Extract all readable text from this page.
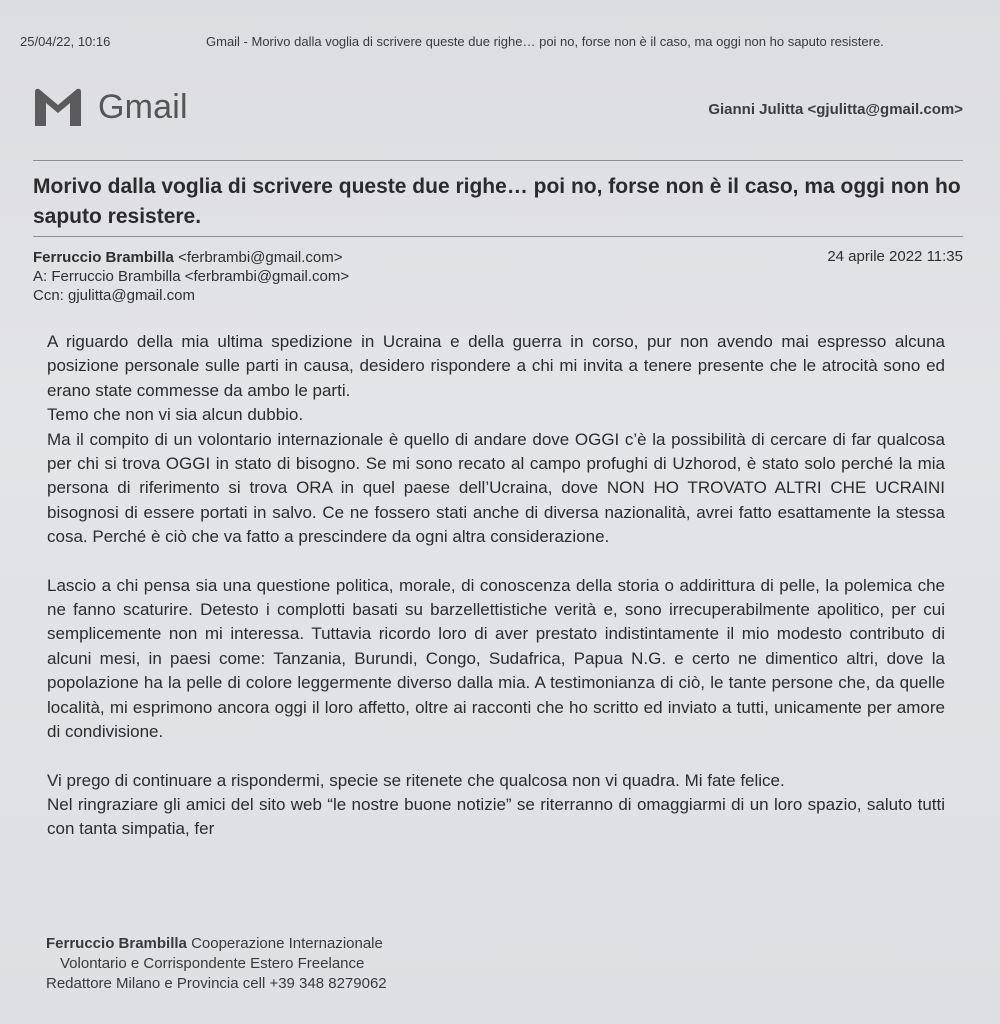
25/04/22, 10:16	Gmail - Morivo dalla voglia di scrivere queste due righe… poi no, forse non è il caso, ma oggi non ho saputo resistere.
Gmail	Gianni Julitta <gjulitta@gmail.com>
Morivo dalla voglia di scrivere queste due righe… poi no, forse non è il caso, ma oggi non ho saputo resistere.
Ferruccio Brambilla <ferbrambi@gmail.com>
A: Ferruccio Brambilla <ferbrambi@gmail.com>
Ccn: gjulitta@gmail.com
24 aprile 2022 11:35

A riguardo della mia ultima spedizione in Ucraina e della guerra in corso, pur non avendo mai espresso alcuna posizione personale sulle parti in causa, desidero rispondere a chi mi invita a tenere presente che le atrocità sono ed erano state commesse da ambo le parti.

Temo che non vi sia alcun dubbio.

Ma il compito di un volontario internazionale è quello di andare dove OGGI c’è la possibilità di cercare di far qualcosa per chi si trova OGGI in stato di bisogno. Se mi sono recato al campo profughi di Uzhorod, è stato solo perché la mia persona di riferimento si trova ORA in quel paese dell’Ucraina, dove NON HO TROVATO ALTRI CHE UCRAINI bisognosi di essere portati in salvo. Ce ne fossero stati anche di diversa nazionalità, avrei fatto esattamente la stessa cosa. Perché è ciò che va fatto a prescindere da ogni altra considerazione.

Lascio a chi pensa sia una questione politica, morale, di conoscenza della storia o addirittura di pelle, la polemica che ne fanno scaturire. Detesto i complotti basati su barzellettistiche verità e, sono irrecuperabilmente apolitico, per cui semplicemente non mi interessa. Tuttavia ricordo loro di aver prestato indistintamente il mio modesto contributo di alcuni mesi, in paesi come: Tanzania, Burundi, Congo, Sudafrica, Papua N.G. e certo ne dimentico altri, dove la popolazione ha la pelle di colore leggermente diverso dalla mia. A testimonianza di ciò, le tante persone che, da quelle località, mi esprimono ancora oggi il loro affetto, oltre ai racconti che ho scritto ed inviato a tutti, unicamente per amore di condivisione.

Vi prego di continuare a rispondermi, specie se ritenete che qualcosa non vi quadra. Mi fate felice.

Nel ringraziare gli amici del sito web “le nostre buone notizie” se riterranno di omaggiarmi di un loro spazio, saluto tutti con tanta simpatia, fer

Ferruccio Brambilla Cooperazione Internazionale
Volontario e Corrispondente Estero Freelance
Redattore Milano e Provincia cell +39 348 8279062
